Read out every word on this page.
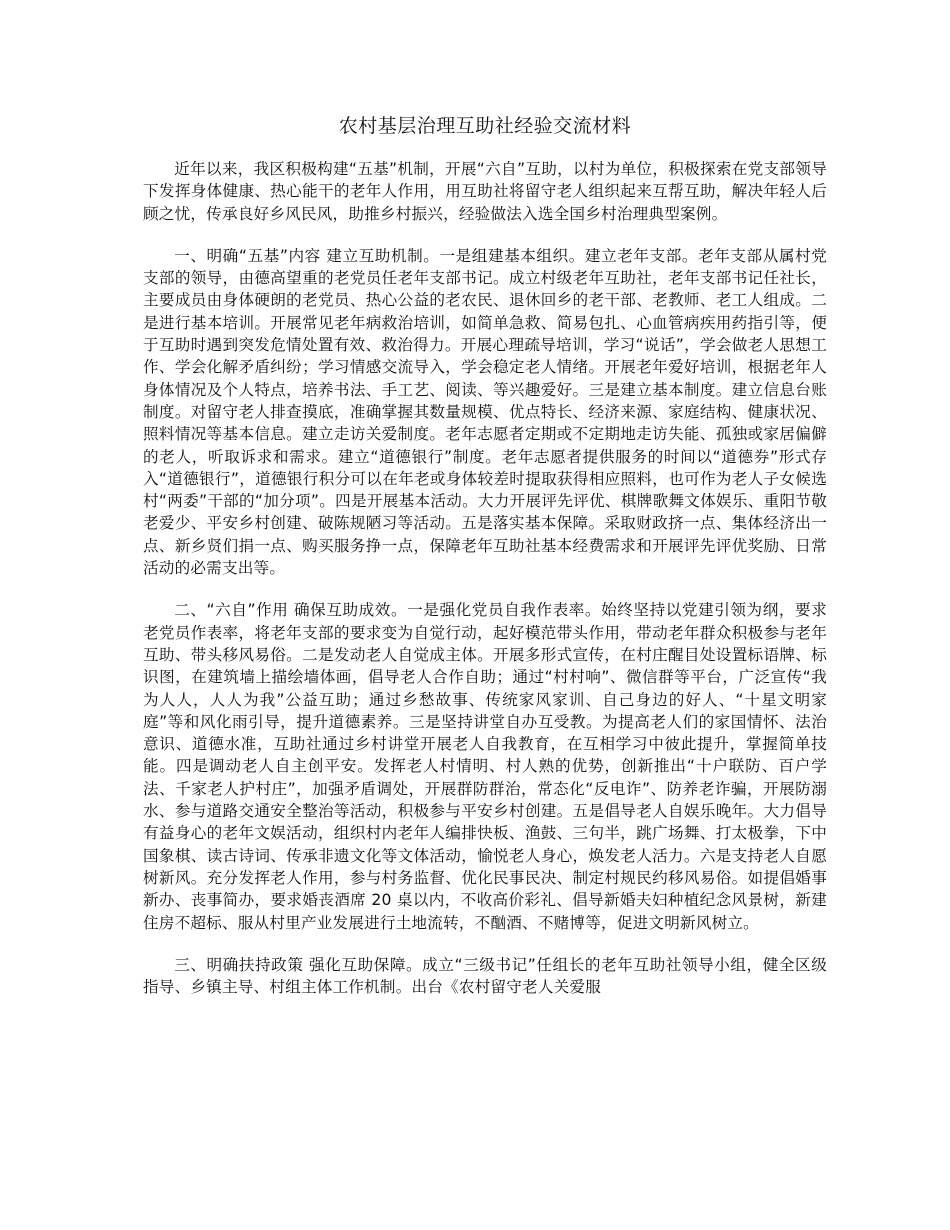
农村基层治理互助社经验交流材料

近年以来，我区积极构建“五基”机制，开展“六自”互助，以村为单位，积极探索在党支部领导下发挥身体健康、热心能干的老年人作用，用互助社将留守老人组织起来互帮互助，解决年轻人后顾之忧，传承良好乡风民风，助推乡村振兴，经验做法入选全国乡村治理典型案例。

一、明确“五基”内容 建立互助机制。一是组建基本组织。建立老年支部。老年支部从属村党支部的领导，由德高望重的老党员任老年支部书记。成立村级老年互助社，老年支部书记任社长，主要成员由身体硬朗的老党员、热心公益的老农民、退休回乡的老干部、老教师、老工人组成。二是进行基本培训。开展常见老年病救治培训，如简单急救、简易包扎、心血管病疾用药指引等，便于互助时遇到突发危情处置有效、救治得力。开展心理疏导培训，学习“说话”，学会做老人思想工作、学会化解矛盾纠纷；学习情感交流导入，学会稳定老人情绪。开展老年爱好培训，根据老年人身体情况及个人特点，培养书法、手工艺、阅读、等兴趣爱好。三是建立基本制度。建立信息台账制度。对留守老人排查摸底，准确掌握其数量规模、优点特长、经济来源、家庭结构、健康状况、照料情况等基本信息。建立走访关爱制度。老年志愿者定期或不定期地走访失能、孤独或家居偏僻的老人，听取诉求和需求。建立“道德银行”制度。老年志愿者提供服务的时间以“道德券”形式存入“道德银行”，道德银行积分可以在年老或身体较差时提取获得相应照料，也可作为老人子女候选村“两委”干部的“加分项”。四是开展基本活动。大力开展评先评优、棋牌歌舞文体娱乐、重阳节敬老爱少、平安乡村创建、破陈规陋习等活动。五是落实基本保障。采取财政挤一点、集体经济出一点、新乡贤们捐一点、购买服务挣一点，保障老年互助社基本经费需求和开展评先评优奖励、日常活动的必需支出等。

二、“六自”作用 确保互助成效。一是强化党员自我作表率。始终坚持以党建引领为纲，要求老党员作表率，将老年支部的要求变为自觉行动，起好模范带头作用，带动老年群众积极参与老年互助、带头移风易俗。二是发动老人自觉成主体。开展多形式宣传，在村庄醒目处设置标语牌、标识图，在建筑墙上描绘墙体画，倡导老人合作自助；通过“村村响”、微信群等平台，广泛宣传“我为人人，人人为我”公益互助；通过乡愁故事、传统家风家训、自己身边的好人、“十星文明家庭”等和风化雨引导，提升道德素养。三是坚持讲堂自办互受教。为提高老人们的家国情怀、法治意识、道德水准，互助社通过乡村讲堂开展老人自我教育，在互相学习中彼此提升，掌握简单技能。四是调动老人自主创平安。发挥老人村情明、村人熟的优势，创新推出“十户联防、百户学法、千家老人护村庄”，加强矛盾调处，开展群防群治，常态化“反电诈”、防养老诈骗，开展防溺水、参与道路交通安全整治等活动，积极参与平安乡村创建。五是倡导老人自娱乐晚年。大力倡导有益身心的老年文娱活动，组织村内老年人编排快板、渔鼓、三句半，跳广场舞、打太极拳，下中国象棋、读古诗词、传承非遗文化等文体活动，愉悦老人身心，焕发老人活力。六是支持老人自愿树新风。充分发挥老人作用，参与村务监督、优化民事民决、制定村规民约移风易俗。如提倡婚事新办、丧事简办，要求婚丧酒席 20 桌以内，不收高价彩礼、倡导新婚夫妇种植纪念风景树，新建住房不超标、服从村里产业发展进行土地流转，不酗酒、不赌博等，促进文明新风树立。

三、明确扶持政策 强化互助保障。成立“三级书记”任组长的老年互助社领导小组，健全区级指导、乡镇主导、村组主体工作机制。出台《农村留守老人关爱服
